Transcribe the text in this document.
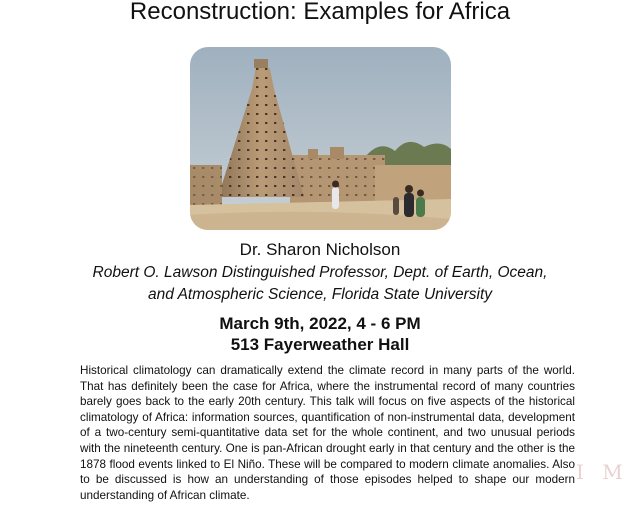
Reconstruction: Examples for Africa
Dr. Sharon Nicholson
Robert O. Lawson Distinguished Professor, Dept. of Earth, Ocean,
and Atmospheric Science, Florida State University
March 9th, 2022, 4 - 6 PM
513 Fayerweather Hall

Historical climatology can dramatically extend the climate record in many parts of the world. That has definitely been the case for Africa, where the instrumental record of many countries barely goes back to the early 20th century. This talk will focus on five aspects of the historical climatology of Africa: information sources, quantification of non-instrumental data, development of a two-century semi-quantitative data set for the whole continent, and two unusual periods with the nineteenth century. One is pan-African drought early in that century and the other is the 1878 flood events linked to El Niño. These will be compared to modern climate anomalies. Also to be discussed is how an understanding of those episodes helped to shape our modern understanding of African climate.

I M
